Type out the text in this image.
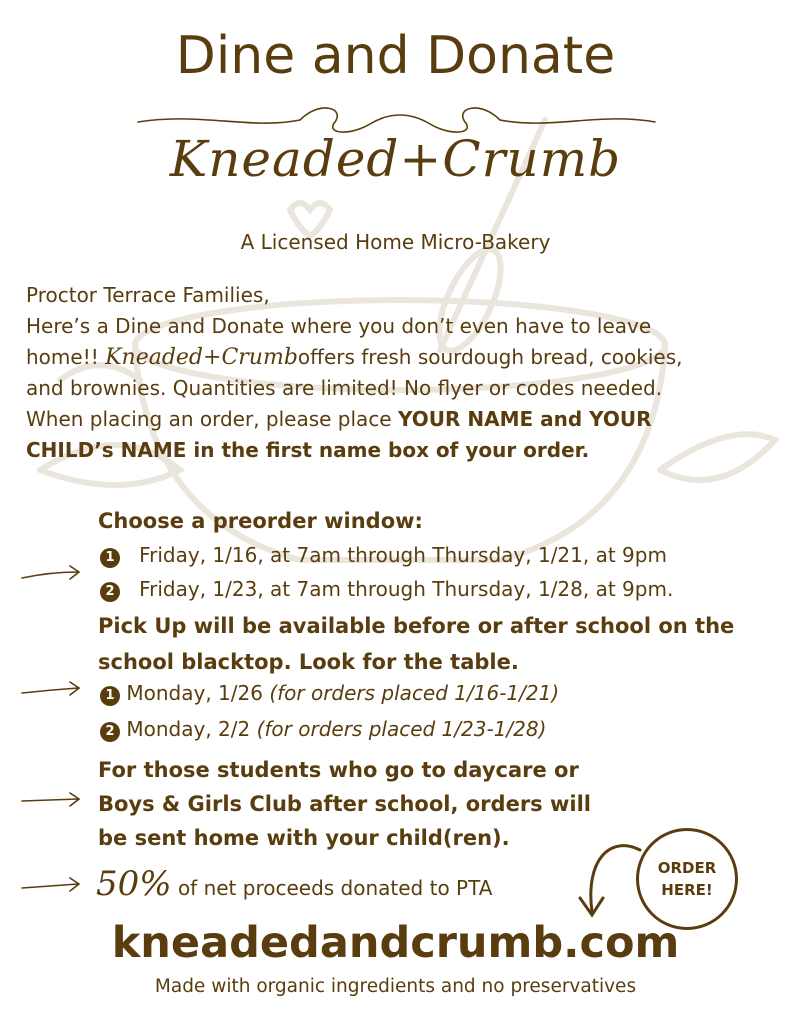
Dine and Donate
Kneaded+Crumb
A Licensed Home Micro-Bakery
Proctor Terrace Families,
Here’s a Dine and Donate where you don’t even have to leave
home!! Kneaded+Crumboffers fresh sourdough bread, cookies,
and brownies. Quantities are limited! No flyer or codes needed.
When placing an order, please place YOUR NAME and YOUR
CHILD’s NAME in the first name box of your order.
Choose a preorder window:
1 Friday, 1/16, at 7am through Thursday, 1/21, at 9pm
2 Friday, 1/23, at 7am through Thursday, 1/28, at 9pm.
Pick Up will be available before or after school on the
school blacktop. Look for the table.
1 Monday, 1/26 (for orders placed 1/16-1/21)
2 Monday, 2/2 (for orders placed 1/23-1/28)
For those students who go to daycare or
Boys & Girls Club after school, orders will
be sent home with your child(ren).
50% of net proceeds donated to PTA
ORDER
HERE!
kneadedandcrumb.com
Made with organic ingredients and no preservatives
